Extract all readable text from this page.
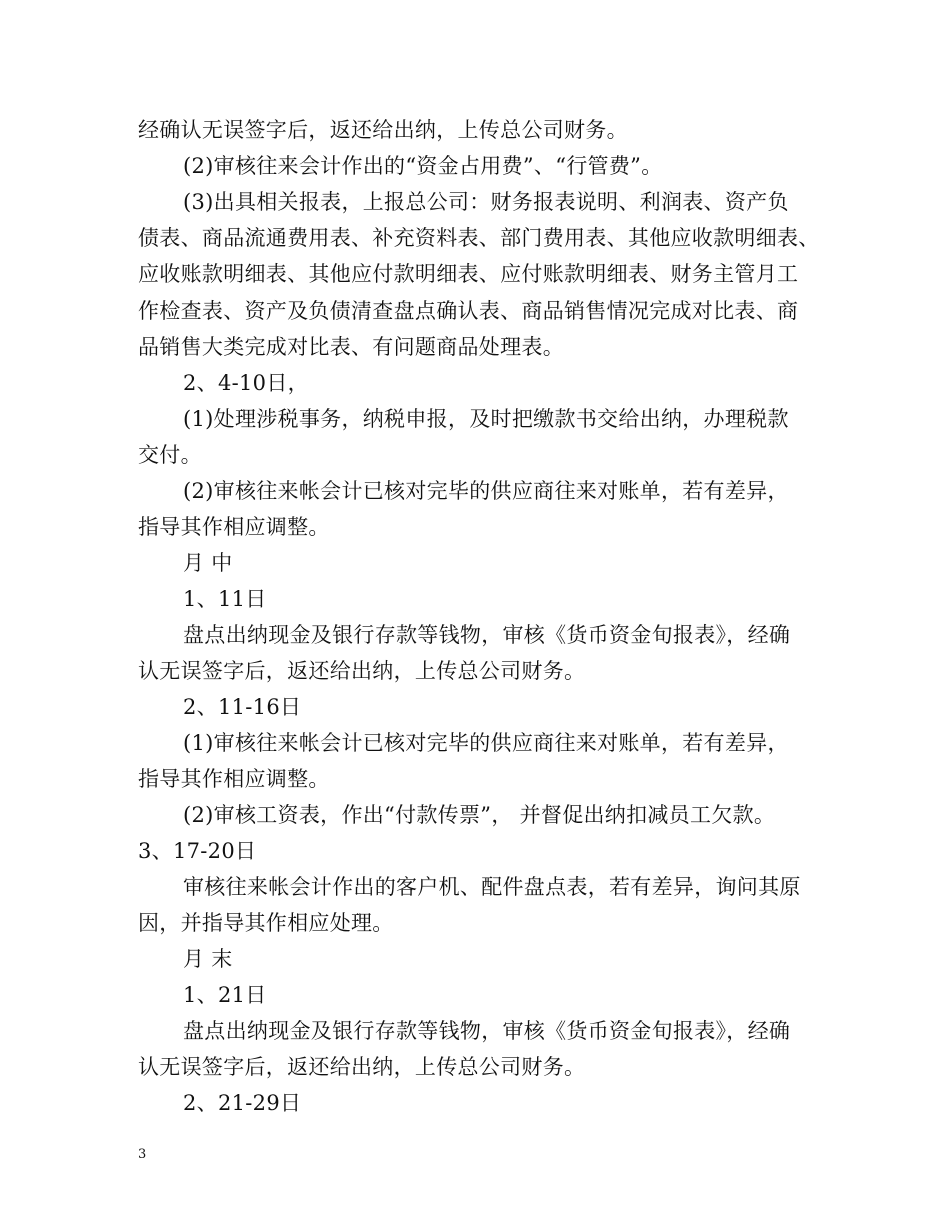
经确认无误签字后，返还给出纳，上传总公司财务。
(2)审核往来会计作出的“资金占用费”、“行管费”。
(3)出具相关报表，上报总公司：财务报表说明、利润表、资产负
债表、商品流通费用表、补充资料表、部门费用表、其他应收款明细表、
应收账款明细表、其他应付款明细表、应付账款明细表、财务主管月工
作检查表、资产及负债清查盘点确认表、商品销售情况完成对比表、商
品销售大类完成对比表、有问题商品处理表。
2、4-10日，
(1)处理涉税事务，纳税申报，及时把缴款书交给出纳，办理税款
交付。
(2)审核往来帐会计已核对完毕的供应商往来对账单，若有差异，
指导其作相应调整。
月 中
1、11日
盘点出纳现金及银行存款等钱物，审核《货币资金旬报表》，经确
认无误签字后，返还给出纳，上传总公司财务。
2、11-16日
(1)审核往来帐会计已核对完毕的供应商往来对账单，若有差异，
指导其作相应调整。
(2)审核工资表，作出“付款传票”， 并督促出纳扣减员工欠款。
3、17-20日
审核往来帐会计作出的客户机、配件盘点表，若有差异，询问其原
因，并指导其作相应处理。
月 末
1、21日
盘点出纳现金及银行存款等钱物，审核《货币资金旬报表》，经确
认无误签字后，返还给出纳，上传总公司财务。
2、21-29日
3
